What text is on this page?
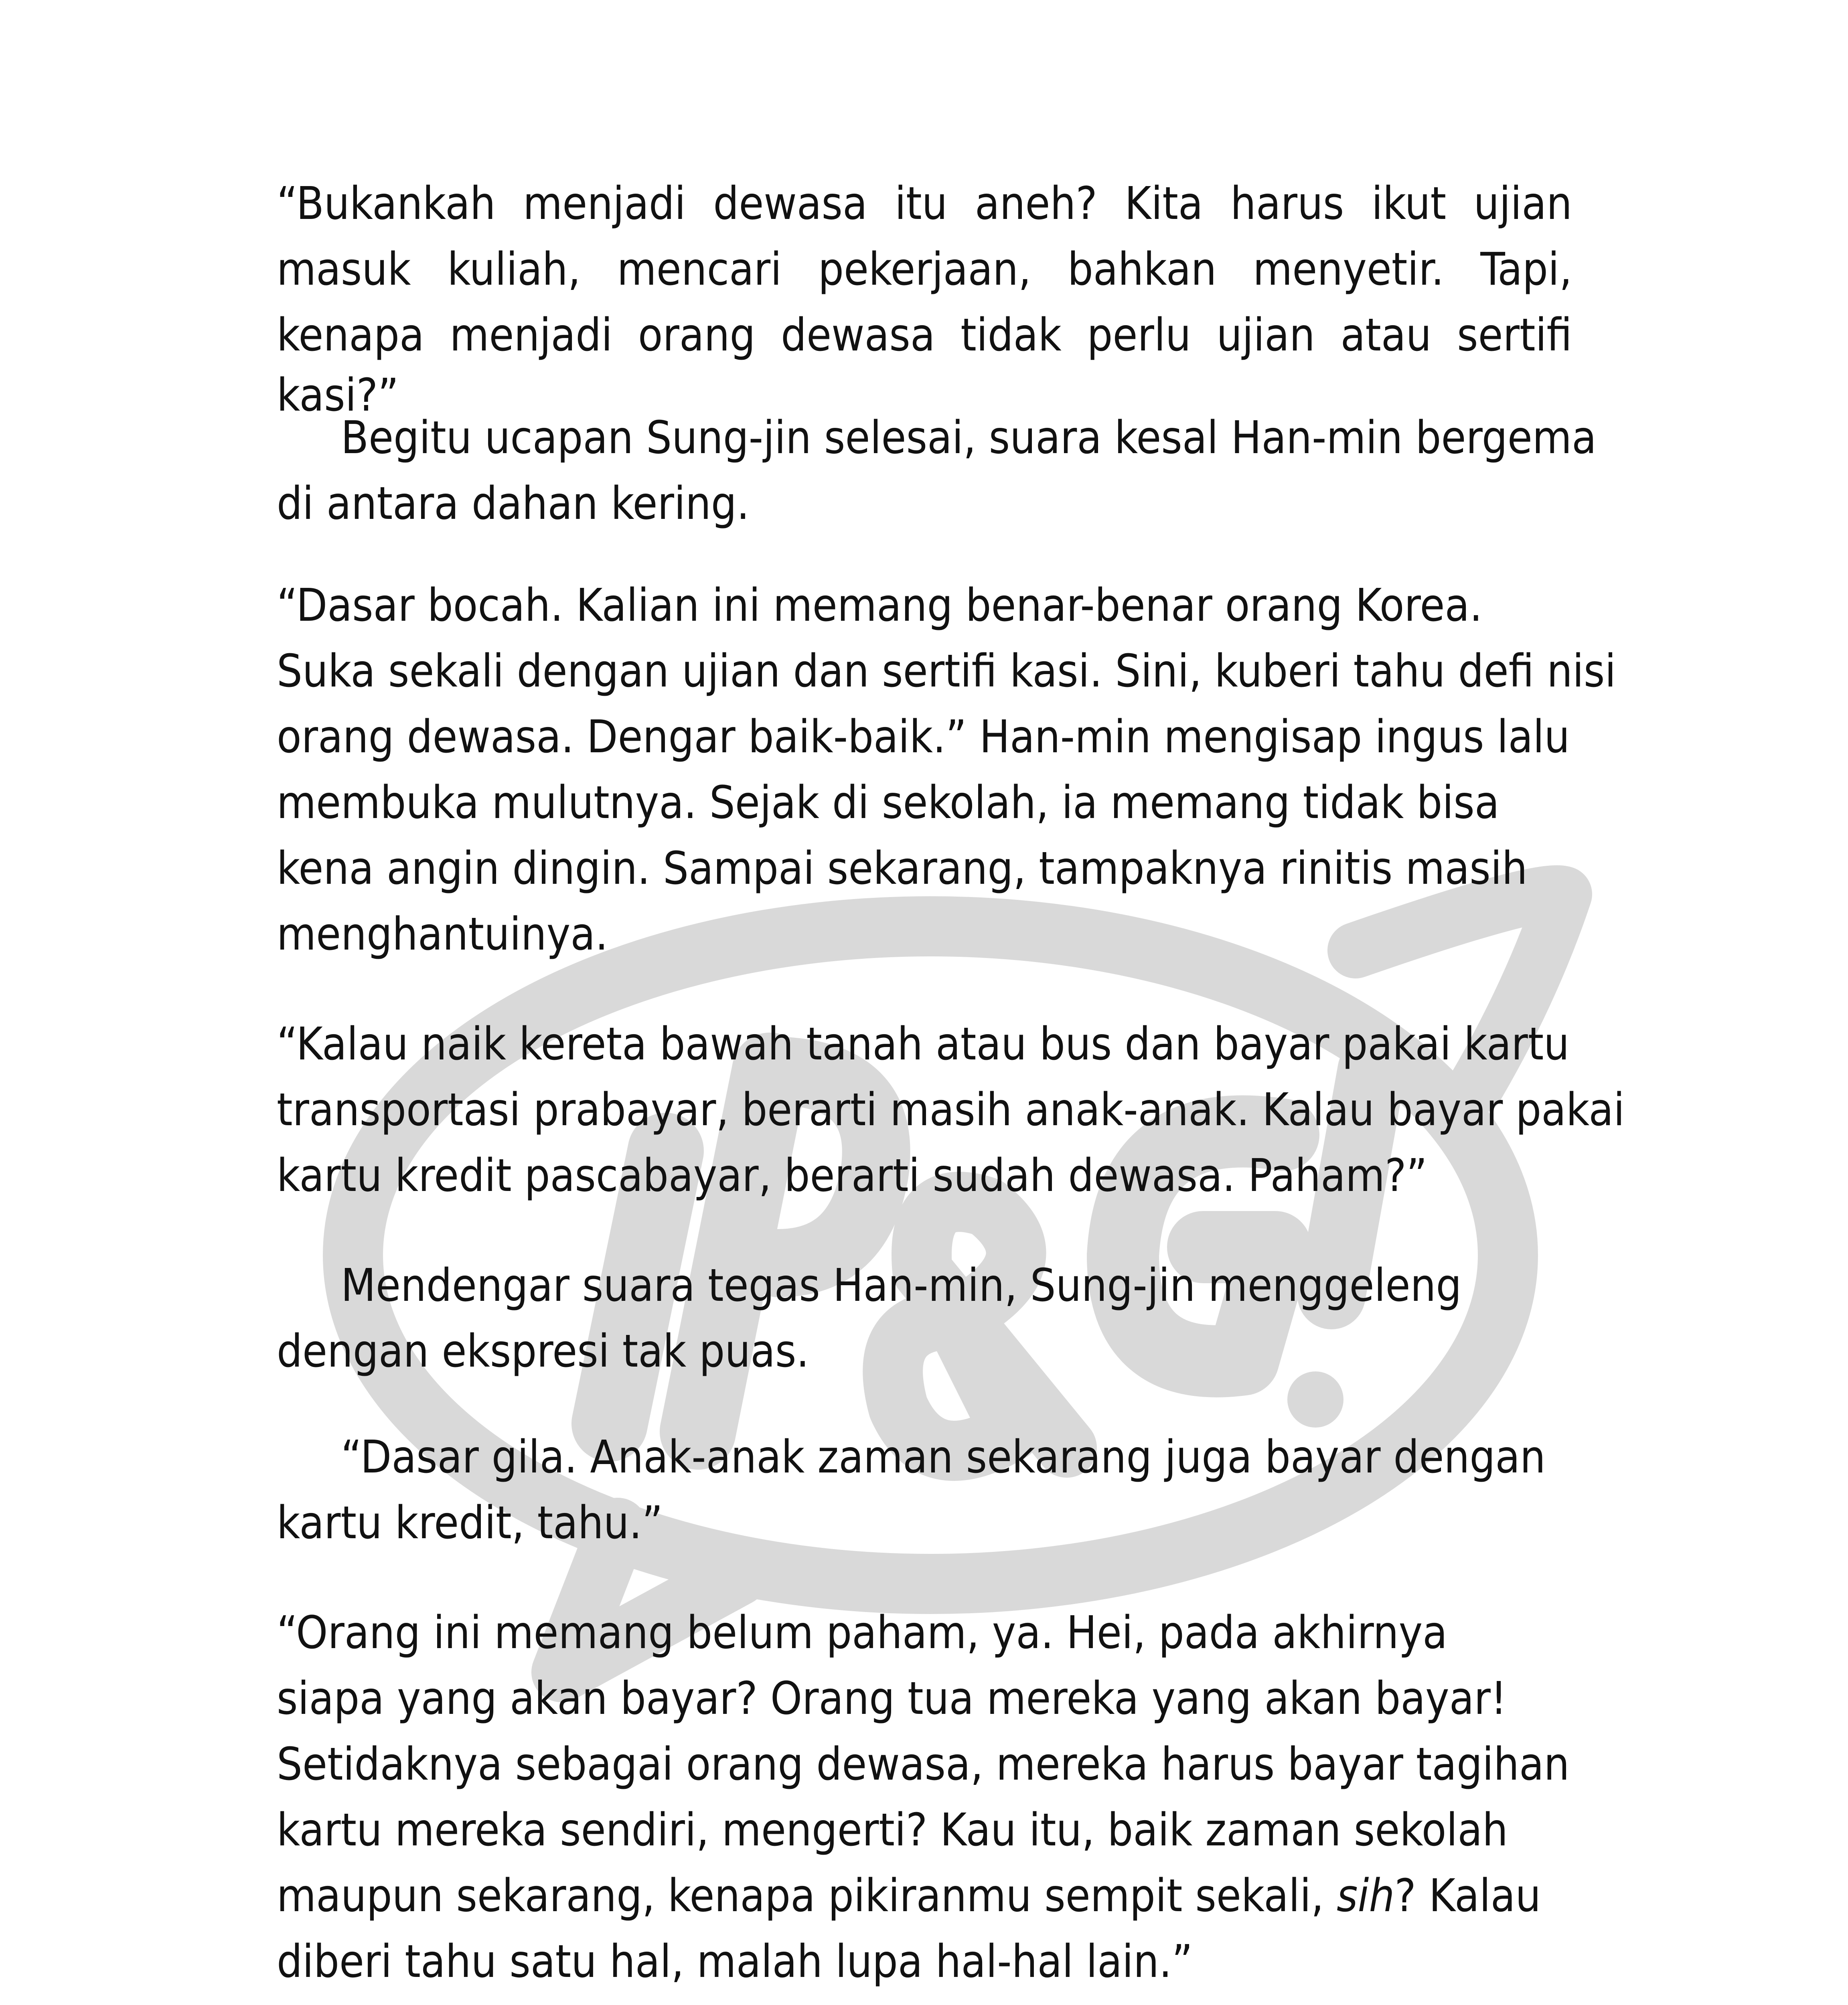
“Bukankah menjadi dewasa itu aneh? Kita harus ikut ujian
masuk kuliah, mencari pekerjaan, bahkan menyetir. Tapi,
kenapa menjadi orang dewasa tidak perlu ujian atau sertifi
kasi?”
Begitu ucapan Sung-jin selesai, suara kesal Han-min bergema
di antara dahan kering.
“Dasar bocah. Kalian ini memang benar-benar orang Korea.
Suka sekali dengan ujian dan sertifi kasi. Sini, kuberi tahu defi nisi
orang dewasa. Dengar baik-baik.” Han-min mengisap ingus lalu
membuka mulutnya. Sejak di sekolah, ia memang tidak bisa
kena angin dingin. Sampai sekarang, tampaknya rinitis masih
menghantuinya.
“Kalau naik kereta bawah tanah atau bus dan bayar pakai kartu
transportasi prabayar, berarti masih anak-anak. Kalau bayar pakai
kartu kredit pascabayar, berarti sudah dewasa. Paham?”
Mendengar suara tegas Han-min, Sung-jin menggeleng
dengan ekspresi tak puas.
“Dasar gila. Anak-anak zaman sekarang juga bayar dengan
kartu kredit, tahu.”
“Orang ini memang belum paham, ya. Hei, pada akhirnya
siapa yang akan bayar? Orang tua mereka yang akan bayar!
Setidaknya sebagai orang dewasa, mereka harus bayar tagihan
kartu mereka sendiri, mengerti? Kau itu, baik zaman sekolah
maupun sekarang, kenapa pikiranmu sempit sekali, sih? Kalau
diberi tahu satu hal, malah lupa hal-hal lain.”
